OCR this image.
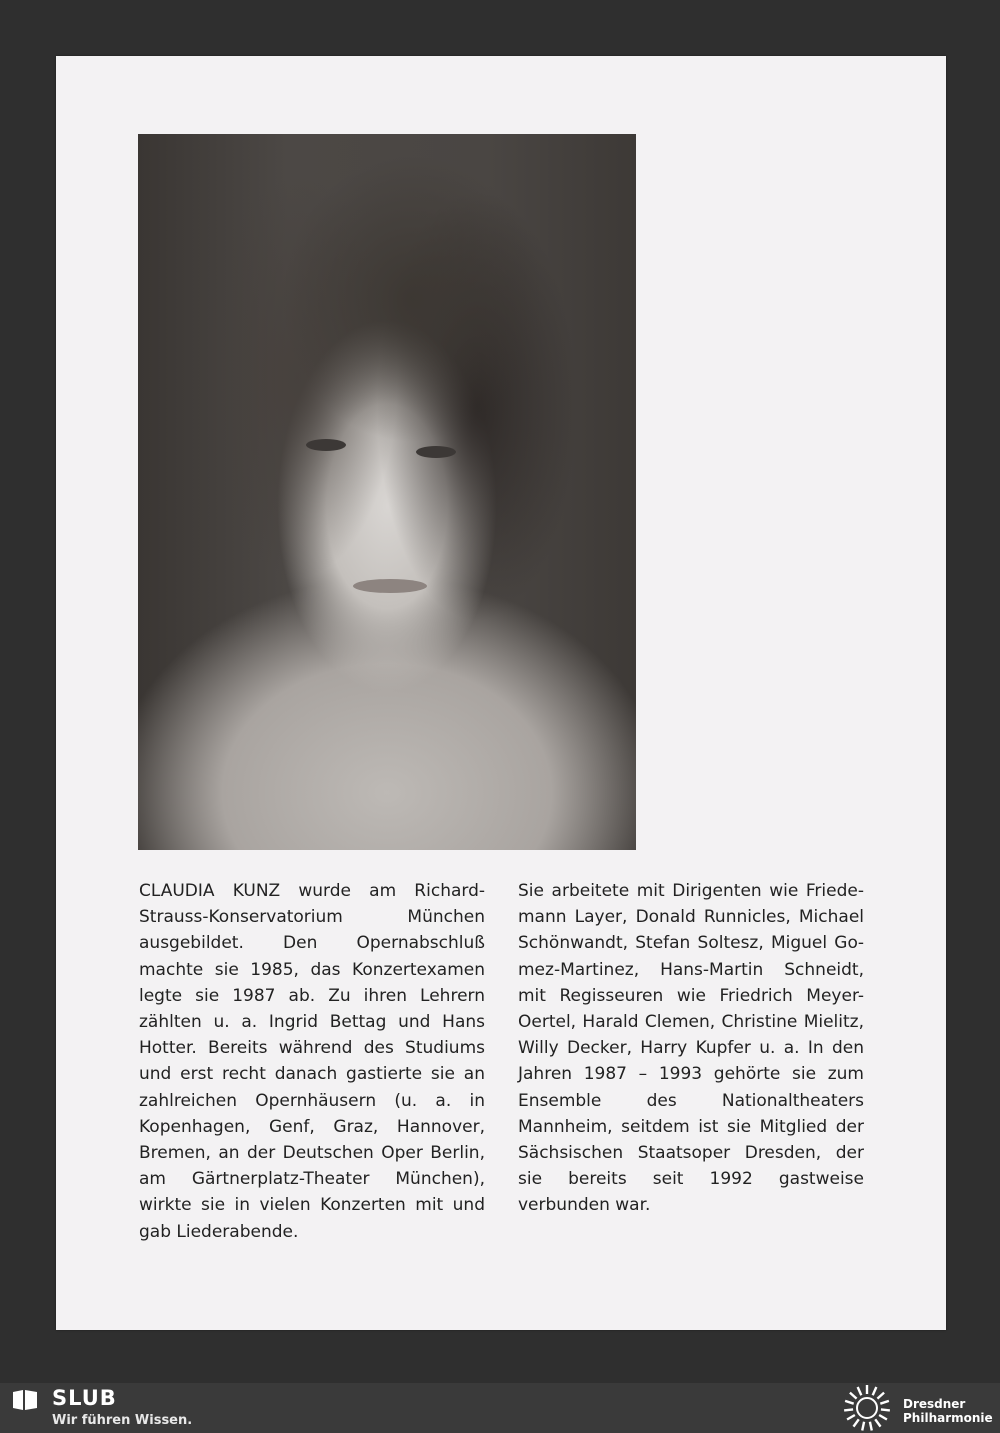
CLAUDIA KUNZ wurde am Richard-Strauss-Konservatorium München ausgebildet. Den Opernabschluß machte sie 1985, das Konzertexamen legte sie 1987 ab. Zu ihren Lehrern zählten u. a. Ingrid Bettag und Hans Hotter. Bereits während des Studiums und erst recht danach gastierte sie an zahlreichen Opernhäusern (u. a. in Kopenhagen, Genf, Graz, Hannover, Bremen, an der Deutschen Oper Berlin, am Gärtnerplatz-Theater München), wirkte sie in vielen Konzerten mit und gab Liederabende.

Sie arbeitete mit Dirigenten wie Friedemann Layer, Donald Runnicles, Michael Schönwandt, Stefan Soltesz, Miguel Gomez-Martinez, Hans-Martin Schneidt, mit Regisseuren wie Friedrich Meyer-Oertel, Harald Clemen, Christine Mielitz, Willy Decker, Harry Kupfer u. a. In den Jahren 1987 – 1993 gehörte sie zum Ensemble des Nationaltheaters Mannheim, seitdem ist sie Mitglied der Sächsischen Staatsoper Dresden, der sie bereits seit 1992 gastweise verbunden war.

SLUB
Wir führen Wissen.
Dresdner
Philharmonie
